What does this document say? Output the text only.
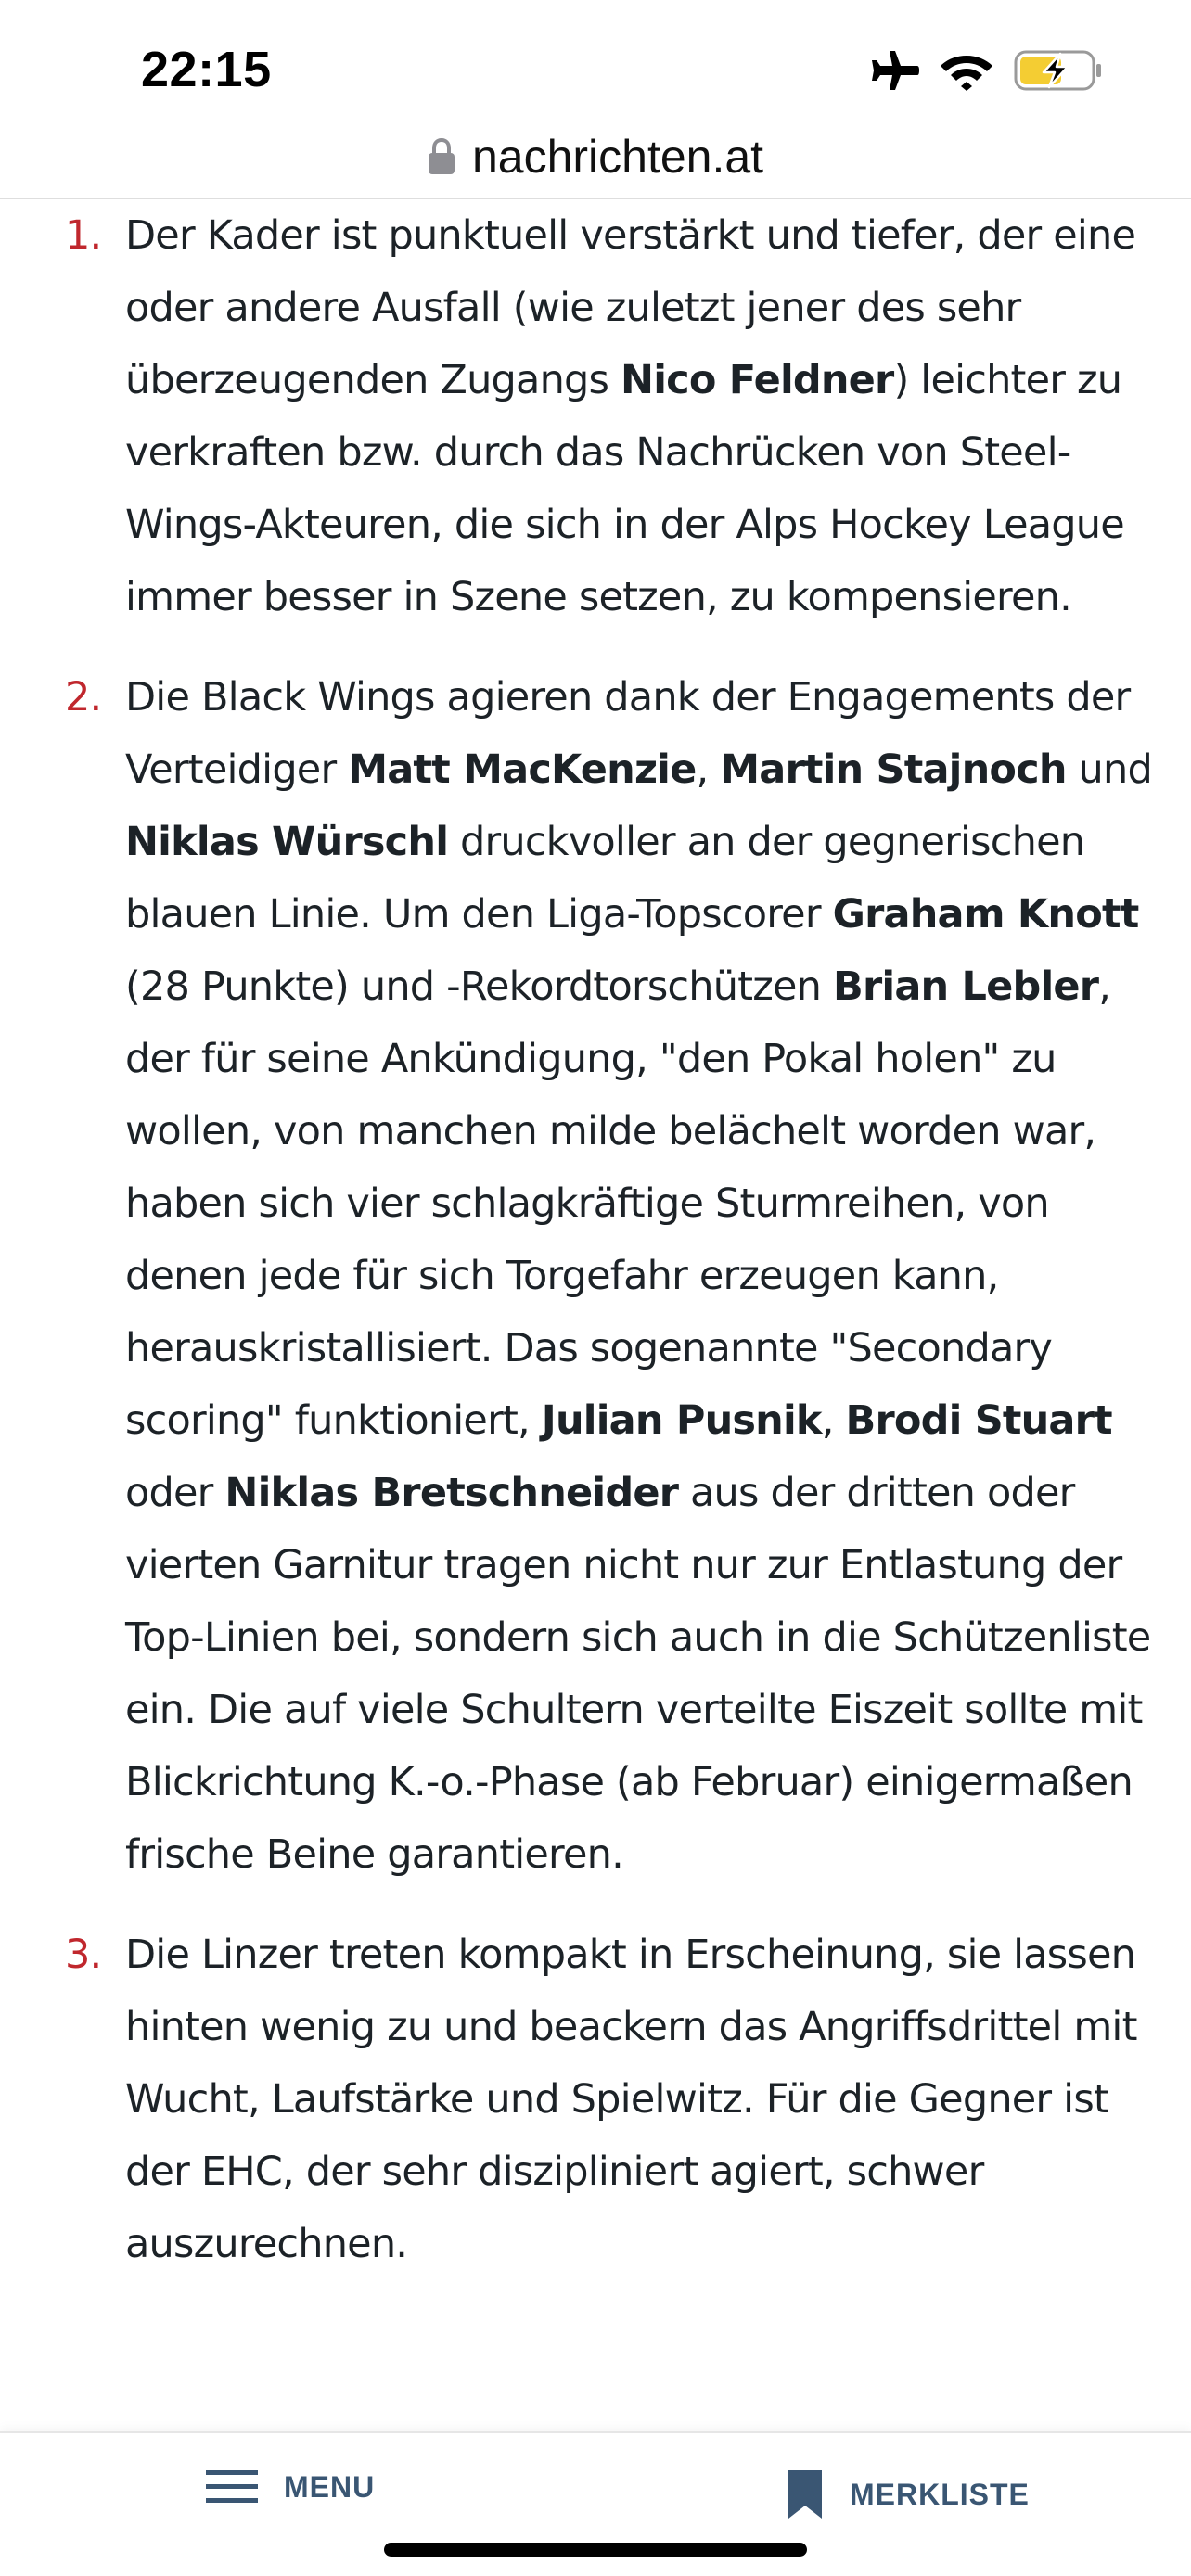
22:15
nachrichten.at
1. Der Kader ist punktuell verstärkt und tiefer, der eine oder andere Ausfall (wie zuletzt jener des sehr überzeugenden Zugangs Nico Feldner) leichter zu verkraften bzw. durch das Nachrücken von Steel-Wings-Akteuren, die sich in der Alps Hockey League immer besser in Szene setzen, zu kompensieren.

2. Die Black Wings agieren dank der Engagements der Verteidiger Matt MacKenzie, Martin Stajnoch und Niklas Würschl druckvoller an der gegnerischen blauen Linie. Um den Liga-Topscorer Graham Knott (28 Punkte) und -Rekordtorschützen Brian Lebler, der für seine Ankündigung, "den Pokal holen" zu wollen, von manchen milde belächelt worden war, haben sich vier schlagkräftige Sturmreihen, von denen jede für sich Torgefahr erzeugen kann, herauskristallisiert. Das sogenannte "Secondary scoring" funktioniert, Julian Pusnik, Brodi Stuart oder Niklas Bretschneider aus der dritten oder vierten Garnitur tragen nicht nur zur Entlastung der Top-Linien bei, sondern sich auch in die Schützenliste ein. Die auf viele Schultern verteilte Eiszeit sollte mit Blickrichtung K.-o.-Phase (ab Februar) einigermaßen frische Beine garantieren.

3. Die Linzer treten kompakt in Erscheinung, sie lassen hinten wenig zu und beackern das Angriffsdrittel mit Wucht, Laufstärke und Spielwitz. Für die Gegner ist der EHC, der sehr diszipliniert agiert, schwer auszurechnen.

MENU	MERKLISTE
